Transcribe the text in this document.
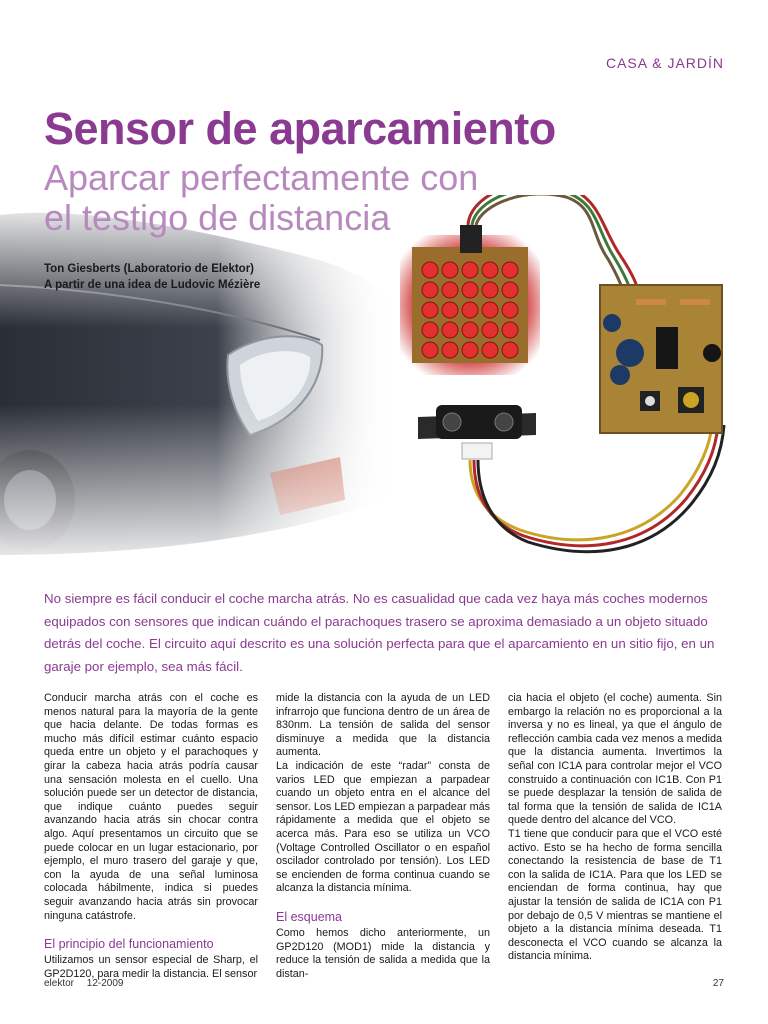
CASA & JARDÍN
Sensor de aparcamiento
Aparcar perfectamente con el testigo de distancia
Ton Giesberts (Laboratorio de Elektor)
A partir de una idea de Ludovic Mézière
No siempre es fácil conducir el coche marcha atrás. No es casualidad que cada vez haya más coches modernos equipados con sensores que indican cuándo el parachoques trasero se aproxima demasiado a un objeto situado detrás del coche. El circuito aquí descrito es una solución perfecta para que el aparcamiento en un sitio fijo, en un garaje por ejemplo, sea más fácil.

Conducir marcha atrás con el coche es menos natural para la mayoría de la gente que hacia delante. De todas formas es mucho más difícil estimar cuánto espacio queda entre un objeto y el parachoques y girar la cabeza hacia atrás podría causar una sensación molesta en el cuello. Una solución puede ser un detector de distancia, que indique cuánto puedes seguir avanzando hacia atrás sin chocar contra algo. Aquí presentamos un circuito que se puede colocar en un lugar estacionario, por ejemplo, el muro trasero del garaje y que, con la ayuda de una señal luminosa colocada hábilmente, indica si puedes seguir avanzando hacia atrás sin provocar ninguna catástrofe.

El principio del funcionamiento

Utilizamos un sensor especial de Sharp, el GP2D120, para medir la distancia. El sensor

mide la distancia con la ayuda de un LED infrarrojo que funciona dentro de un área de 830nm. La tensión de salida del sensor disminuye a medida que la distancia aumenta.

La indicación de este “radar” consta de varios LED que empiezan a parpadear cuando un objeto entra en el alcance del sensor. Los LED empiezan a parpadear más rápidamente a medida que el objeto se acerca más. Para eso se utiliza un VCO (Voltage Controlled Oscillator o en español oscilador controlado por tensión). Los LED se encienden de forma continua cuando se alcanza la distancia mínima.

El esquema

Como hemos dicho anteriormente, un GP2D120 (MOD1) mide la distancia y reduce la tensión de salida a medida que la distan-

cia hacia el objeto (el coche) aumenta. Sin embargo la relación no es proporcional a la inversa y no es lineal, ya que el ángulo de reflección cambia cada vez menos a medida que la distancia aumenta. Invertimos la señal con IC1A para controlar mejor el VCO construido a continuación con IC1B. Con P1 se puede desplazar la tensión de salida de tal forma que la tensión de salida de IC1A quede dentro del alcance del VCO.

T1 tiene que conducir para que el VCO esté activo. Esto se ha hecho de forma sencilla conectando la resistencia de base de T1 con la salida de IC1A. Para que los LED se enciendan de forma continua, hay que ajustar la tensión de salida de IC1A con P1 por debajo de 0,5 V mientras se mantiene el objeto a la distancia mínima deseada. T1 desconecta el VCO cuando se alcanza la distancia mínima.

elektor 12-2009	27
